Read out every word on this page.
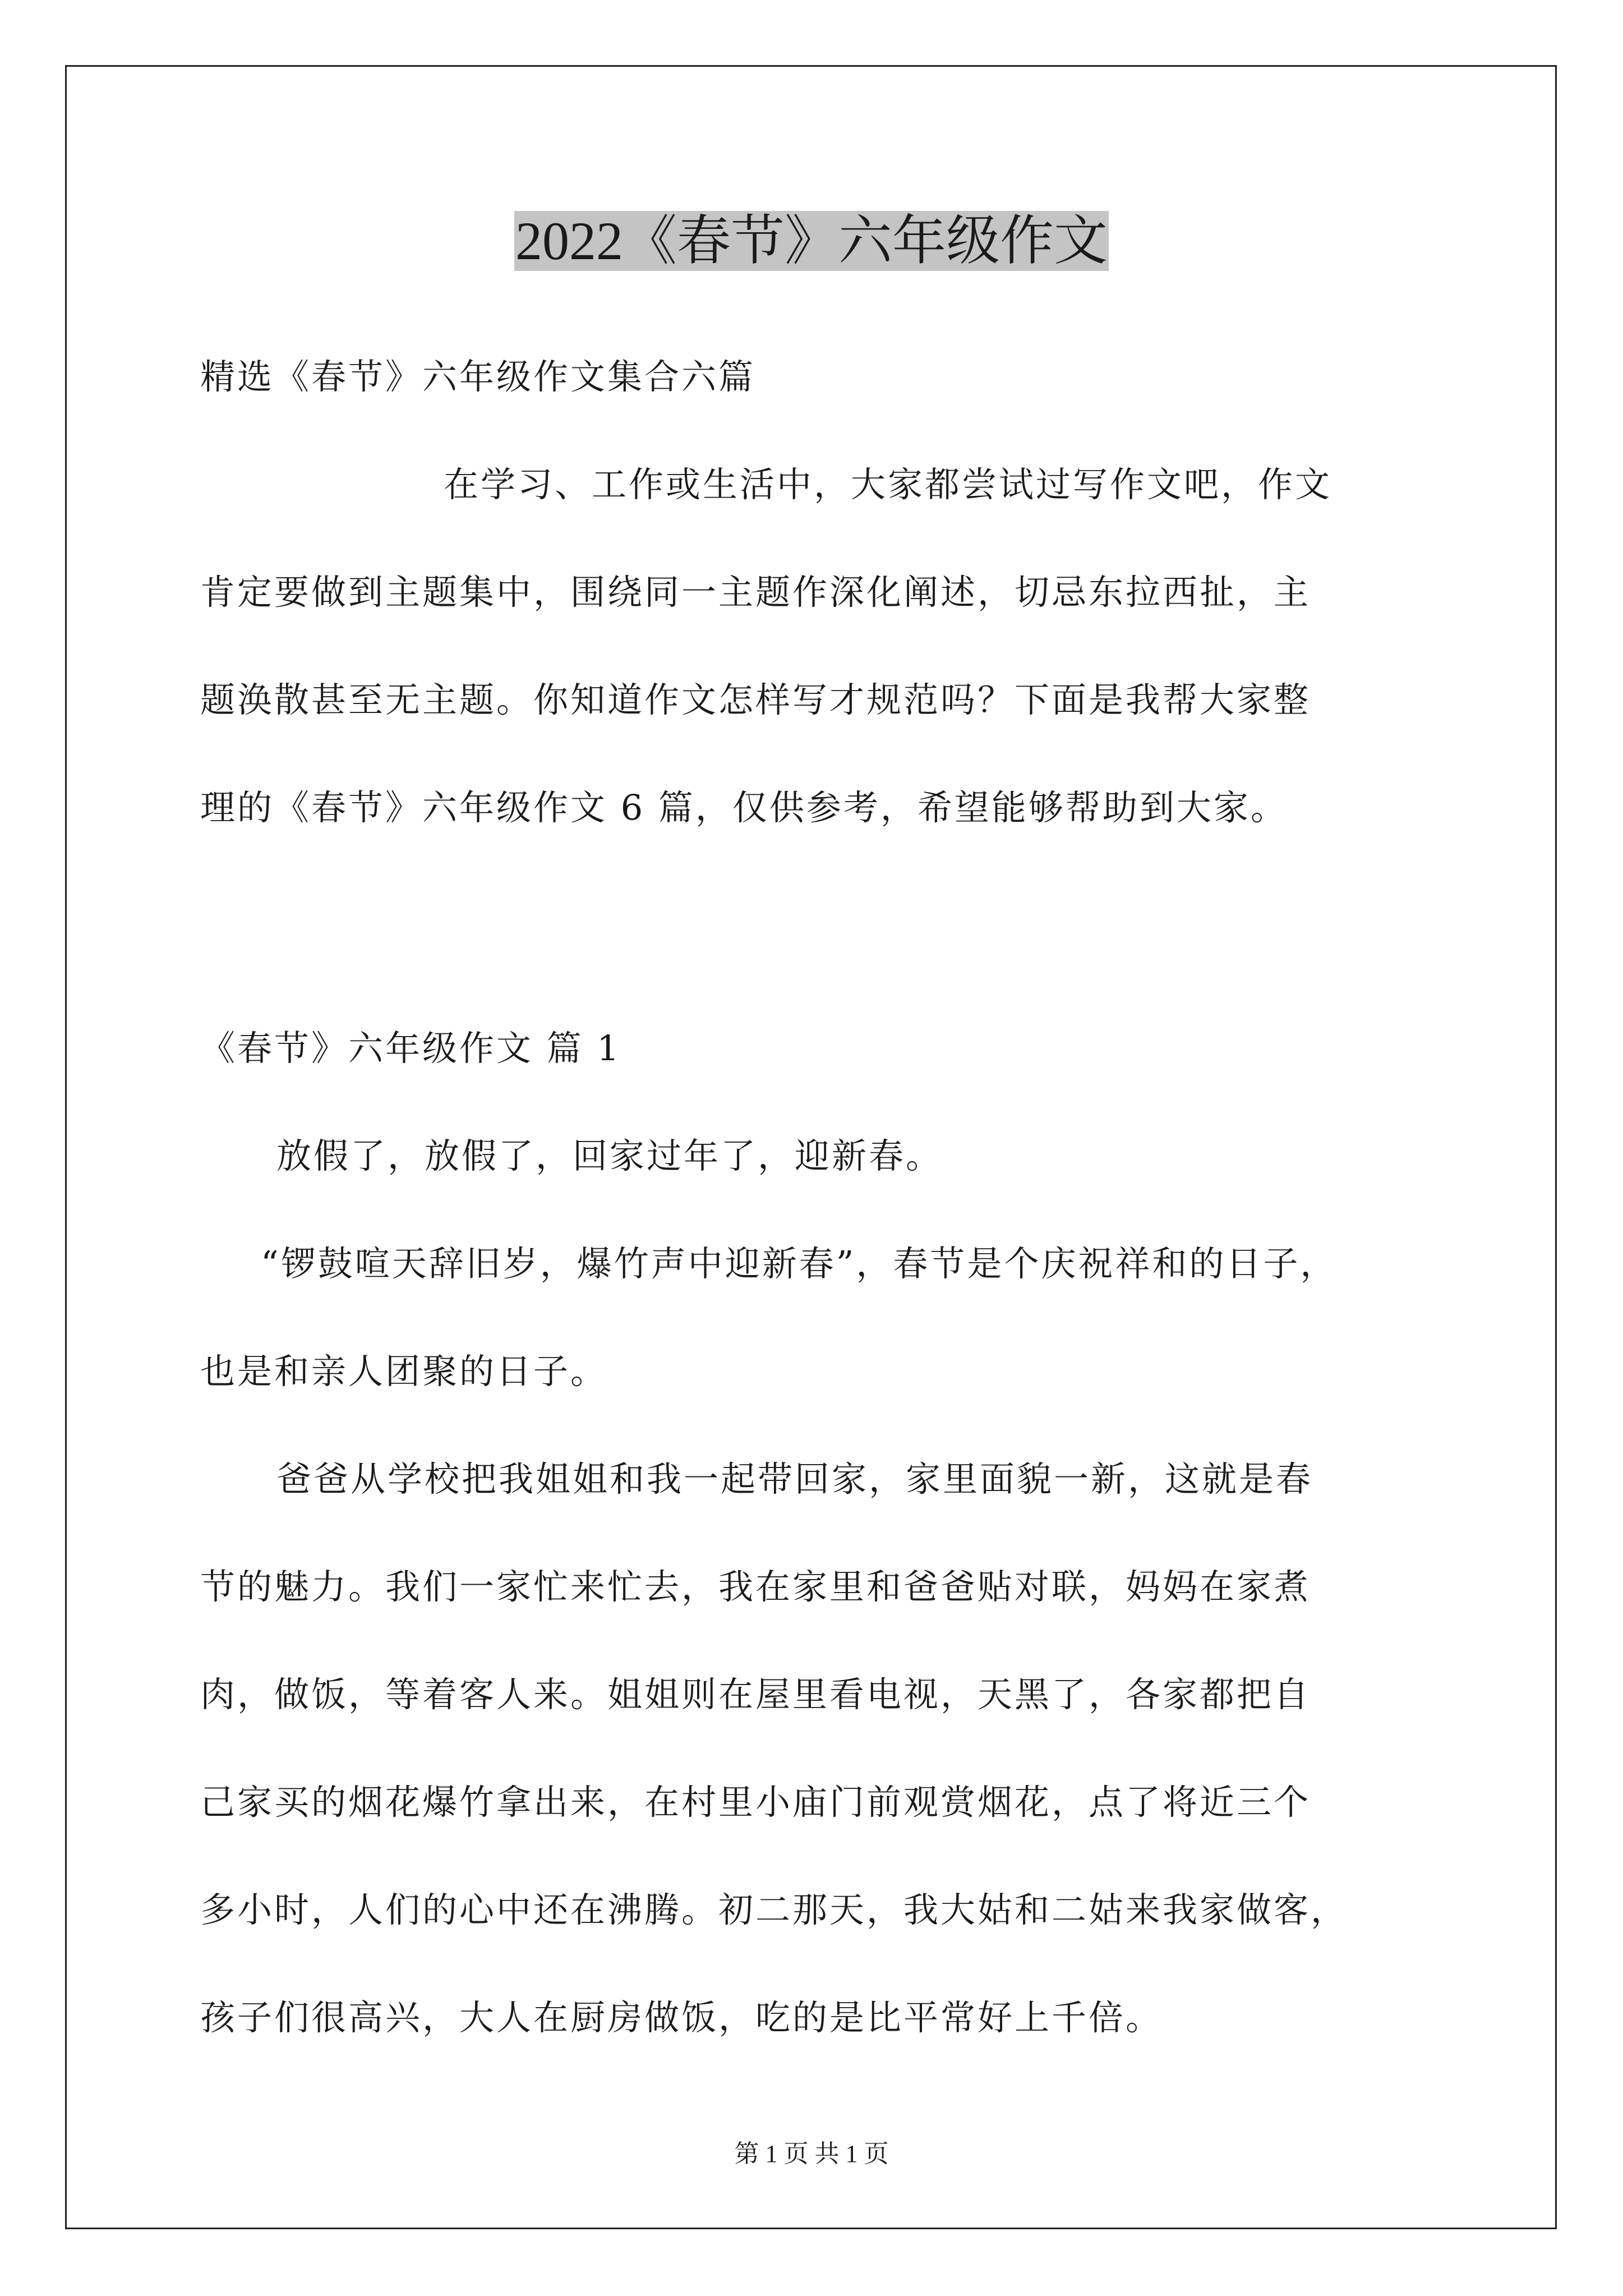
2022《春节》六年级作文
精选《春节》六年级作文集合六篇
在学习、工作或生活中，大家都尝试过写作文吧，作文
肯定要做到主题集中，围绕同一主题作深化阐述，切忌东拉西扯，主
题涣散甚至无主题。你知道作文怎样写才规范吗？下面是我帮大家整
理的《春节》六年级作文 6 篇，仅供参考，希望能够帮助到大家。
《春节》六年级作文 篇 1
放假了，放假了，回家过年了，迎新春。
“锣鼓喧天辞旧岁，爆竹声中迎新春”，春节是个庆祝祥和的日子，
也是和亲人团聚的日子。
爸爸从学校把我姐姐和我一起带回家，家里面貌一新，这就是春
节的魅力。我们一家忙来忙去，我在家里和爸爸贴对联，妈妈在家煮
肉，做饭，等着客人来。姐姐则在屋里看电视，天黑了，各家都把自
己家买的烟花爆竹拿出来，在村里小庙门前观赏烟花，点了将近三个
多小时，人们的心中还在沸腾。初二那天，我大姑和二姑来我家做客，
孩子们很高兴，大人在厨房做饭，吃的是比平常好上千倍。
第 1 页 共 1 页
